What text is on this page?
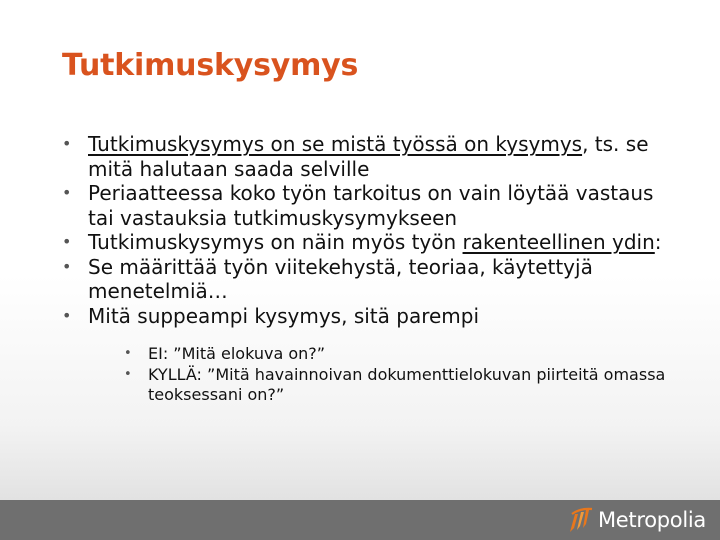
Tutkimuskysymys
• Tutkimuskysymys on se mistä työssä on kysymys, ts. se mitä halutaan saada selville
• Periaatteessa koko työn tarkoitus on vain löytää vastaus tai vastauksia tutkimuskysymykseen
• Tutkimuskysymys on näin myös työn rakenteellinen ydin:
• Se määrittää työn viitekehystä, teoriaa, käytettyjä menetelmiä…
• Mitä suppeampi kysymys, sitä parempi
• EI: ”Mitä elokuva on?”
• KYLLÄ: ”Mitä havainnoivan dokumenttielokuvan piirteitä omassa teoksessani on?”
Metropolia
